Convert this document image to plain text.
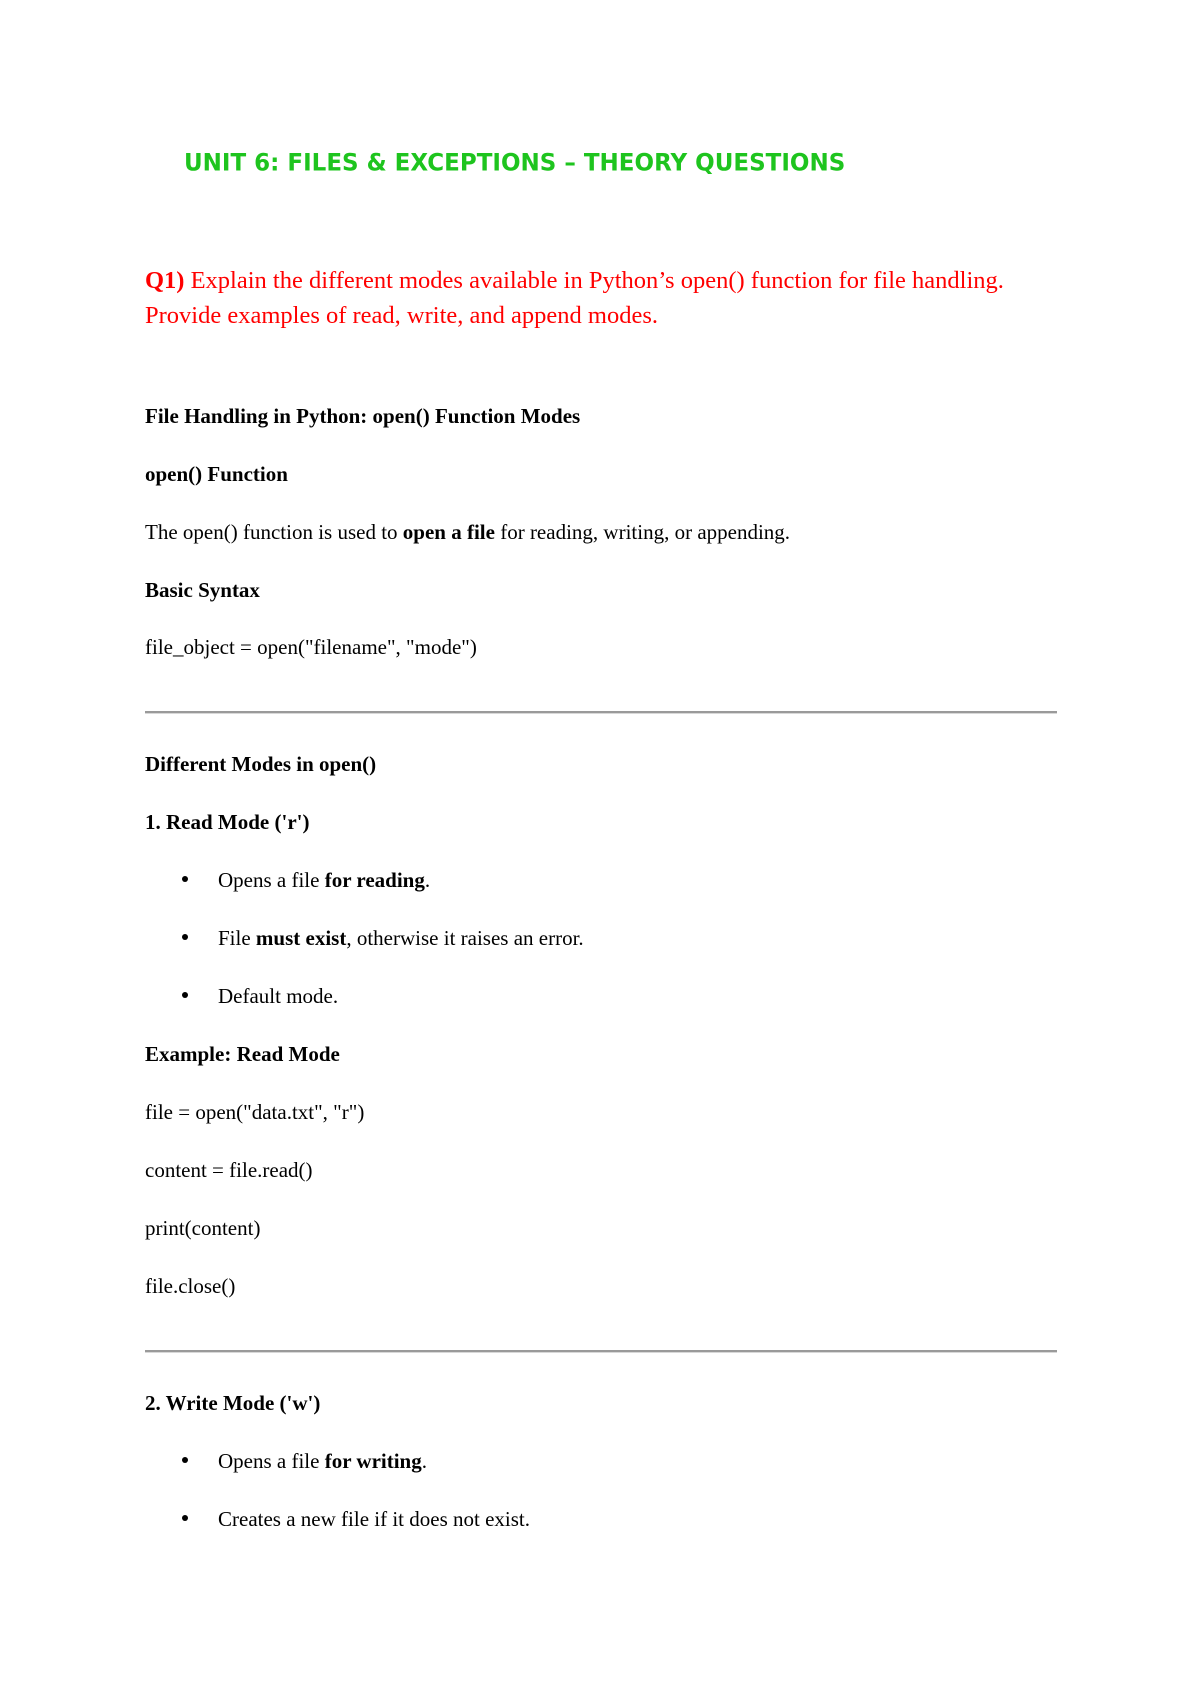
UNIT 6: FILES & EXCEPTIONS – THEORY QUESTIONS
Q1) Explain the different modes available in Python’s open() function for file handling. Provide examples of read, write, and append modes.
File Handling in Python: open() Function Modes
open() Function
The open() function is used to open a file for reading, writing, or appending.
Basic Syntax
file_object = open("filename", "mode")
Different Modes in open()
1. Read Mode ('r')
Opens a file for reading.
File must exist, otherwise it raises an error.
Default mode.
Example: Read Mode
file = open("data.txt", "r")
content = file.read()
print(content)
file.close()
2. Write Mode ('w')
Opens a file for writing.
Creates a new file if it does not exist.
